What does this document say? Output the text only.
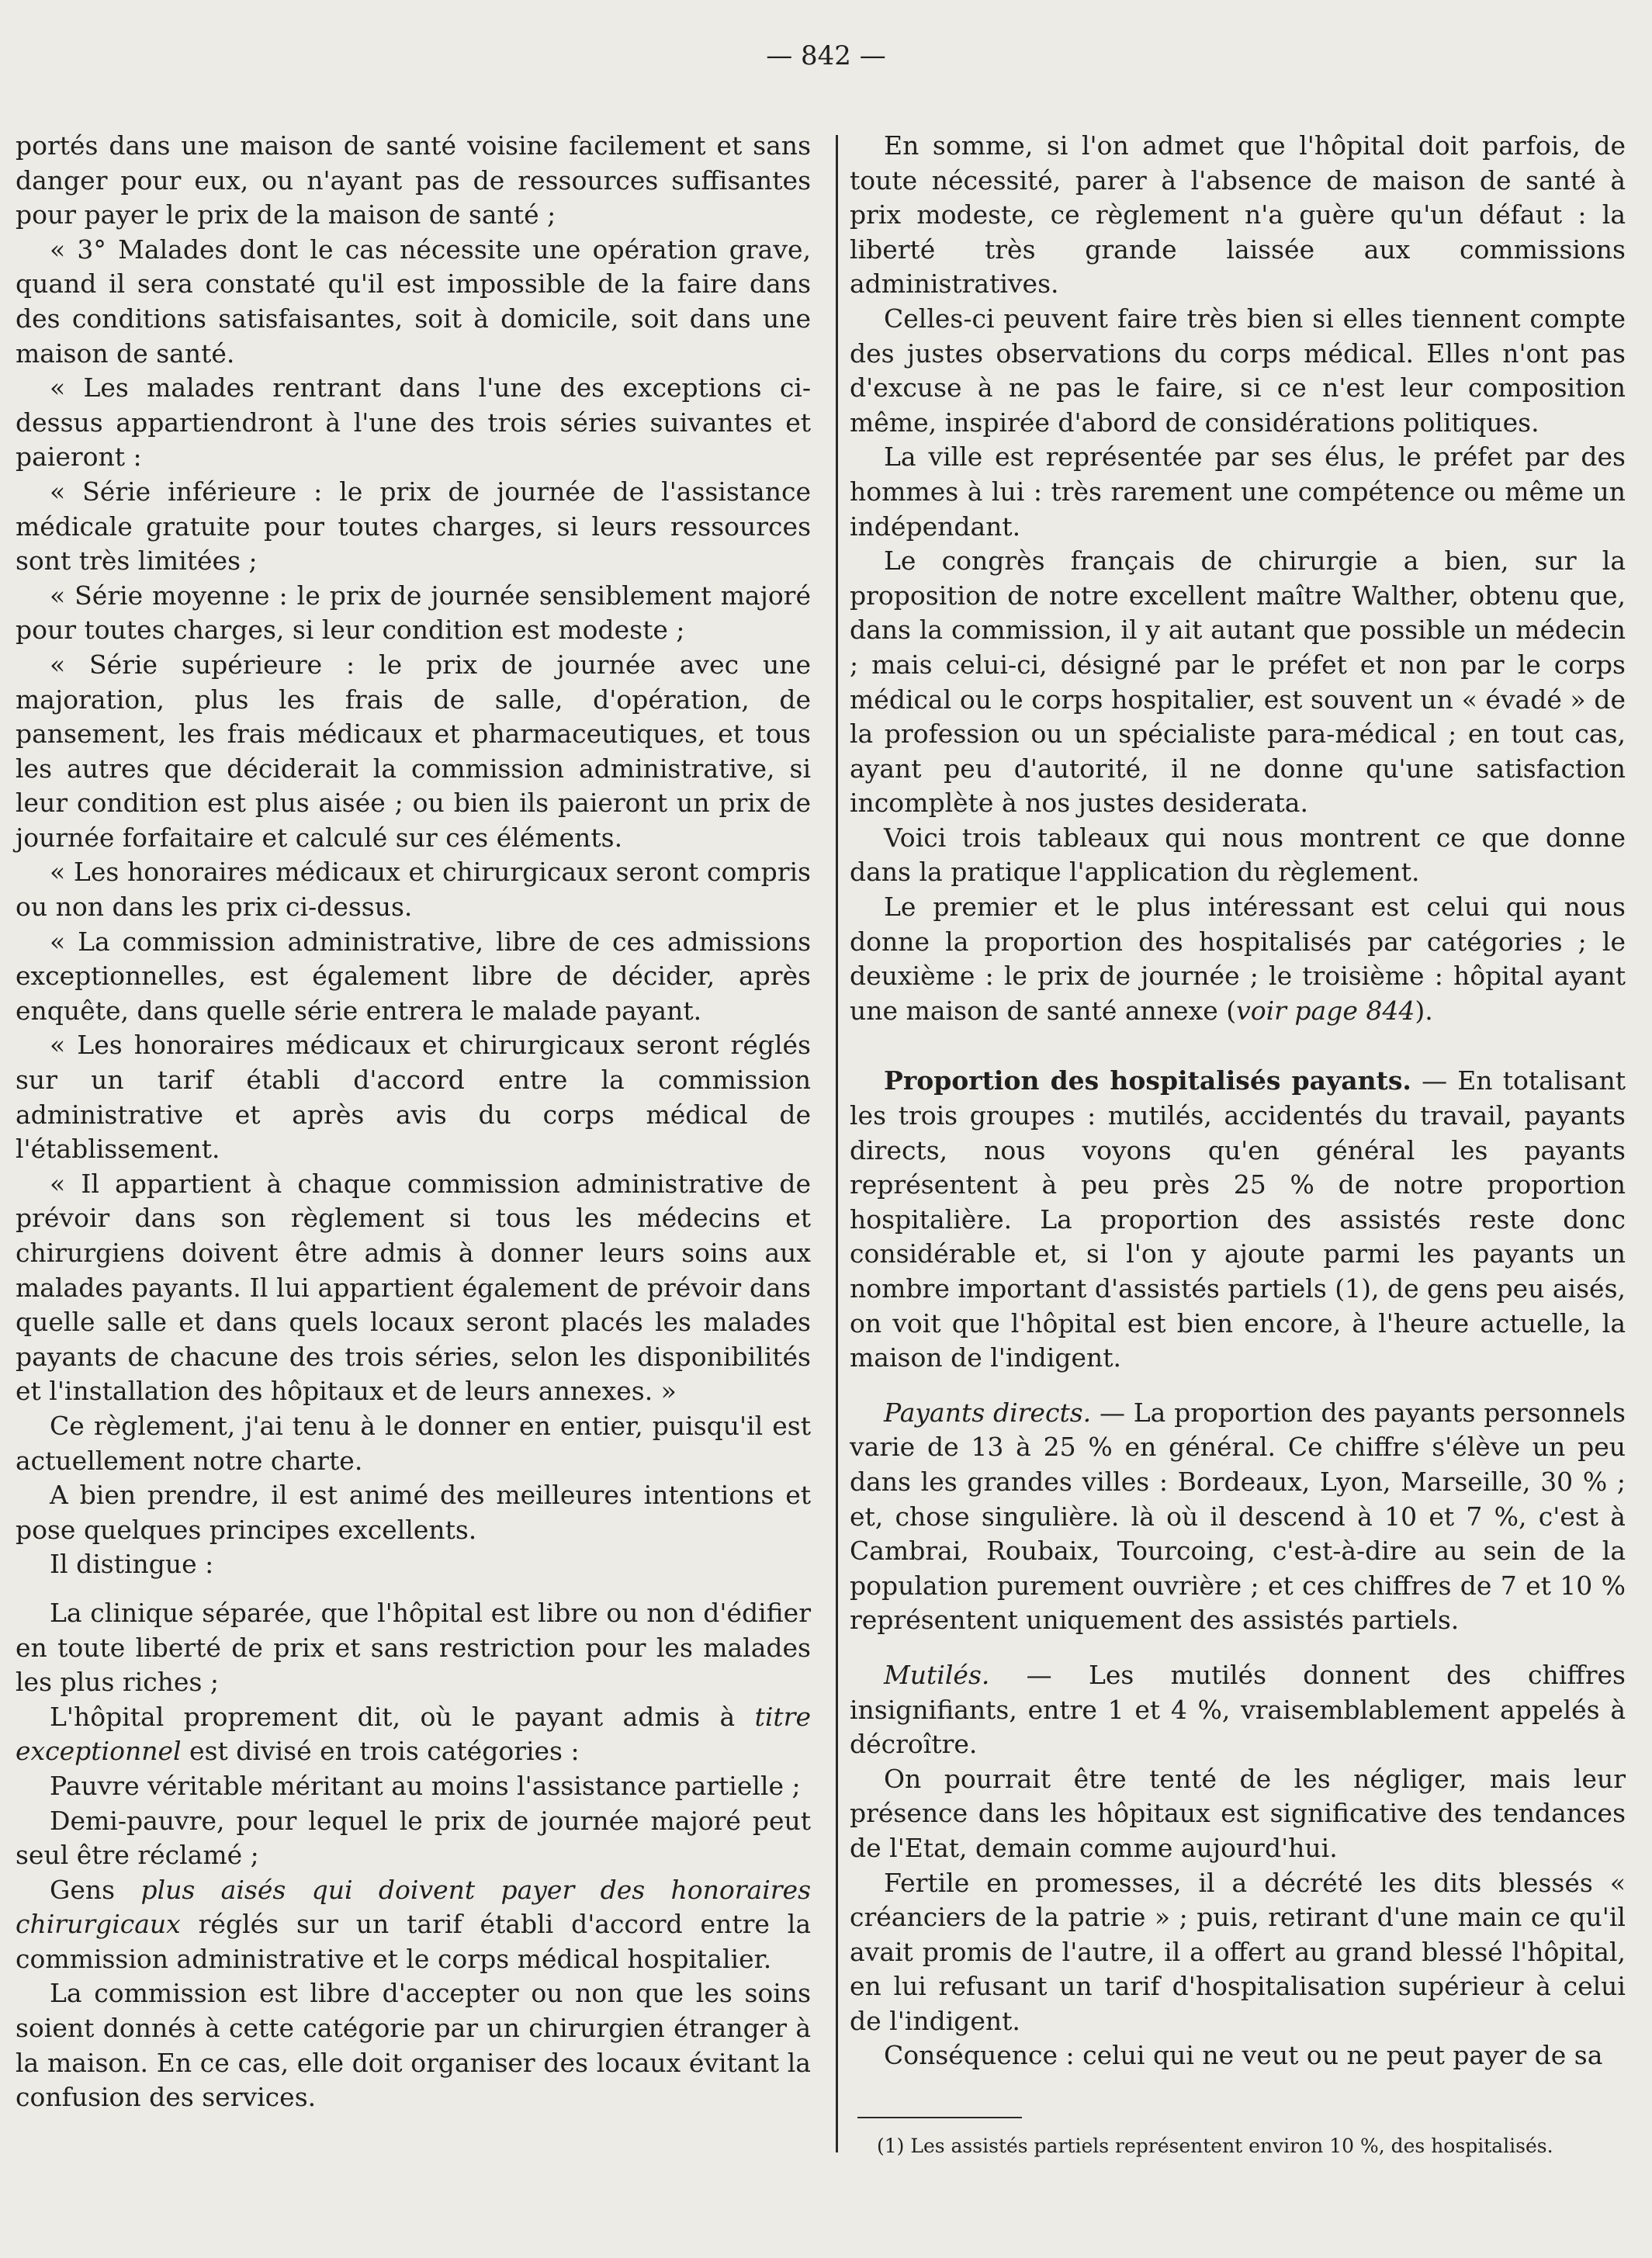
— 842 —

portés dans une maison de santé voisine facilement et sans danger pour eux, ou n'ayant pas de ressources suffisantes pour payer le prix de la maison de santé ;

« 3° Malades dont le cas nécessite une opération grave, quand il sera constaté qu'il est impossible de la faire dans des conditions satisfaisantes, soit à domicile, soit dans une maison de santé.

« Les malades rentrant dans l'une des exceptions ci-dessus appartiendront à l'une des trois séries suivantes et paieront :

« Série inférieure : le prix de journée de l'assistance médicale gratuite pour toutes charges, si leurs ressources sont très limitées ;

« Série moyenne : le prix de journée sensiblement majoré pour toutes charges, si leur condition est modeste ;

« Série supérieure : le prix de journée avec une majoration, plus les frais de salle, d'opération, de pansement, les frais médicaux et pharmaceutiques, et tous les autres que déciderait la commission administrative, si leur condition est plus aisée ; ou bien ils paieront un prix de journée forfaitaire et calculé sur ces éléments.

« Les honoraires médicaux et chirurgicaux seront compris ou non dans les prix ci-dessus.

« La commission administrative, libre de ces admissions exceptionnelles, est également libre de décider, après enquête, dans quelle série entrera le malade payant.

« Les honoraires médicaux et chirurgicaux seront réglés sur un tarif établi d'accord entre la commission administrative et après avis du corps médical de l'établissement.

« Il appartient à chaque commission administrative de prévoir dans son règlement si tous les médecins et chirurgiens doivent être admis à donner leurs soins aux malades payants. Il lui appartient également de prévoir dans quelle salle et dans quels locaux seront placés les malades payants de chacune des trois séries, selon les disponibilités et l'installation des hôpitaux et de leurs annexes. »

Ce règlement, j'ai tenu à le donner en entier, puisqu'il est actuellement notre charte.

A bien prendre, il est animé des meilleures intentions et pose quelques principes excellents.

Il distingue :

La clinique séparée, que l'hôpital est libre ou non d'édifier en toute liberté de prix et sans restriction pour les malades les plus riches ;

L'hôpital proprement dit, où le payant admis à titre exceptionnel est divisé en trois catégories :

Pauvre véritable méritant au moins l'assistance partielle ;

Demi-pauvre, pour lequel le prix de journée majoré peut seul être réclamé ;

Gens plus aisés qui doivent payer des honoraires chirurgicaux réglés sur un tarif établi d'accord entre la commission administrative et le corps médical hospitalier.

La commission est libre d'accepter ou non que les soins soient donnés à cette catégorie par un chirurgien étranger à la maison. En ce cas, elle doit organiser des locaux évitant la confusion des services.

En somme, si l'on admet que l'hôpital doit parfois, de toute nécessité, parer à l'absence de maison de santé à prix modeste, ce règlement n'a guère qu'un défaut : la liberté très grande laissée aux commissions administratives.

Celles-ci peuvent faire très bien si elles tiennent compte des justes observations du corps médical. Elles n'ont pas d'excuse à ne pas le faire, si ce n'est leur composition même, inspirée d'abord de considérations politiques.

La ville est représentée par ses élus, le préfet par des hommes à lui : très rarement une compétence ou même un indépendant.

Le congrès français de chirurgie a bien, sur la proposition de notre excellent maître Walther, obtenu que, dans la commission, il y ait autant que possible un médecin ; mais celui-ci, désigné par le préfet et non par le corps médical ou le corps hospitalier, est souvent un « évadé » de la profession ou un spécialiste para-médical ; en tout cas, ayant peu d'autorité, il ne donne qu'une satisfaction incomplète à nos justes desiderata.

Voici trois tableaux qui nous montrent ce que donne dans la pratique l'application du règlement.

Le premier et le plus intéressant est celui qui nous donne la proportion des hospitalisés par catégories ; le deuxième : le prix de journée ; le troisième : hôpital ayant une maison de santé annexe (voir page 844).

Proportion des hospitalisés payants. — En totalisant les trois groupes : mutilés, accidentés du travail, payants directs, nous voyons qu'en général les payants représentent à peu près 25 % de notre proportion hospitalière. La proportion des assistés reste donc considérable et, si l'on y ajoute parmi les payants un nombre important d'assistés partiels (1), de gens peu aisés, on voit que l'hôpital est bien encore, à l'heure actuelle, la maison de l'indigent.

Payants directs. — La proportion des payants personnels varie de 13 à 25 % en général. Ce chiffre s'élève un peu dans les grandes villes : Bordeaux, Lyon, Marseille, 30 % ; et, chose singulière. là où il descend à 10 et 7 %, c'est à Cambrai, Roubaix, Tourcoing, c'est-à-dire au sein de la population purement ouvrière ; et ces chiffres de 7 et 10 % représentent uniquement des assistés partiels.

Mutilés. — Les mutilés donnent des chiffres insignifiants, entre 1 et 4 %, vraisemblablement appelés à décroître.

On pourrait être tenté de les négliger, mais leur présence dans les hôpitaux est significative des tendances de l'Etat, demain comme aujourd'hui.

Fertile en promesses, il a décrété les dits blessés « créanciers de la patrie » ; puis, retirant d'une main ce qu'il avait promis de l'autre, il a offert au grand blessé l'hôpital, en lui refusant un tarif d'hospitalisation supérieur à celui de l'indigent.

Conséquence : celui qui ne veut ou ne peut payer de sa

(1) Les assistés partiels représentent environ 10 %, des hospitalisés.
